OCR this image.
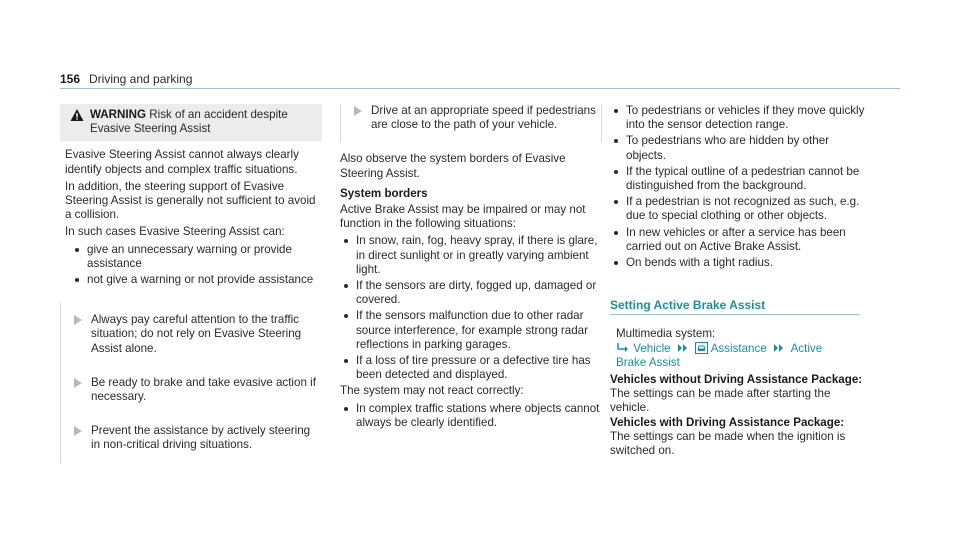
156 Driving and parking
WARNING Risk of an accident despite
Evasive Steering Assist

Evasive Steering Assist cannot always clearly identify objects and complex traffic situations.

In addition, the steering support of Evasive Steering Assist is generally not sufficient to avoid a collision.

In such cases Evasive Steering Assist can:

give an unnecessary warning or provide assistance
not give a warning or not provide assistance
Always pay careful attention to the traffic situation; do not rely on Evasive Steering Assist alone.
Be ready to brake and take evasive action if necessary.
Prevent the assistance by actively steering in non-critical driving situations.
Drive at an appropriate speed if pedestrians are close to the path of your vehicle.

Also observe the system borders of Evasive Steering Assist.

System borders

Active Brake Assist may be impaired or may not function in the following situations:

In snow, rain, fog, heavy spray, if there is glare, in direct sunlight or in greatly varying ambient light.
If the sensors are dirty, fogged up, damaged or covered.
If the sensors malfunction due to other radar source interference, for example strong radar reflections in parking garages.
If a loss of tire pressure or a defective tire has been detected and displayed.

The system may not react correctly:

In complex traffic stations where objects cannot always be clearly identified.
To pedestrians or vehicles if they move quickly into the sensor detection range.
To pedestrians who are hidden by other objects.
If the typical outline of a pedestrian cannot be distinguished from the background.
If a pedestrian is not recognized as such, e.g. due to special clothing or other objects.
In new vehicles or after a service has been carried out on Active Brake Assist.
On bends with a tight radius.
Setting Active Brake Assist
Multimedia system:
Vehicle	Assistance Active
Brake Assist

Vehicles without Driving Assistance Package: The settings can be made after starting the vehicle.

Vehicles with Driving Assistance Package:
The settings can be made when the ignition is switched on.
